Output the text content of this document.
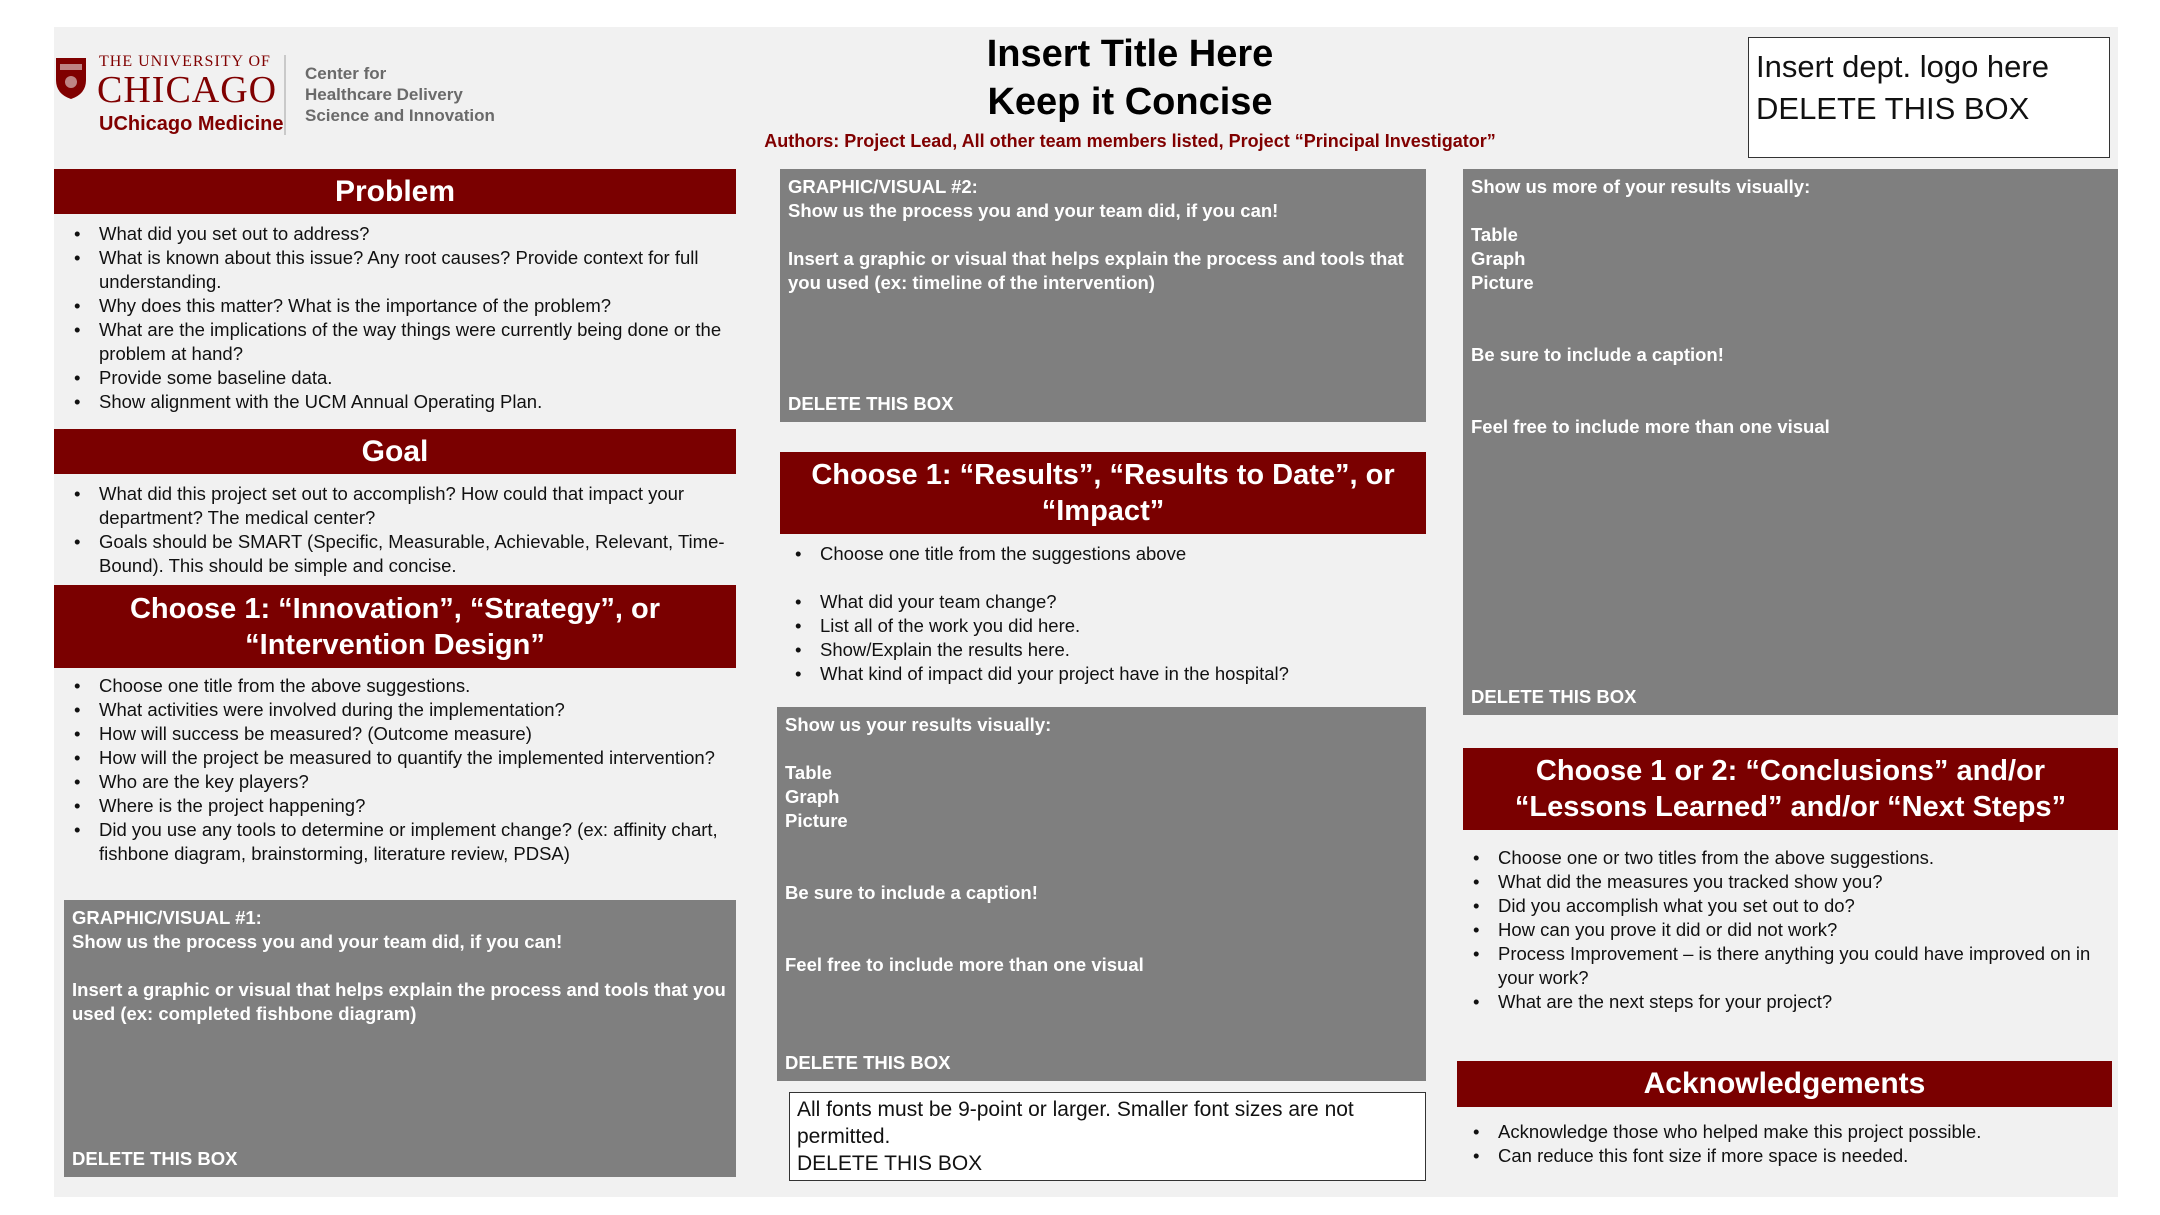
THE UNIVERSITY OF
CHICAGO
UChicago Medicine
Center for
Healthcare Delivery
Science and Innovation
Insert Title Here
Keep it Concise
Authors: Project Lead, All other team members listed, Project “Principal Investigator”
Insert dept. logo here
DELETE THIS BOX
Problem
• What did you set out to address?
• What is known about this issue? Any root causes? Provide context for full understanding.
• Why does this matter? What is the importance of the problem?
• What are the implications of the way things were currently being done or the problem at hand?
• Provide some baseline data.
• Show alignment with the UCM Annual Operating Plan.
Goal
• What did this project set out to accomplish? How could that impact your department? The medical center?
• Goals should be SMART (Specific, Measurable, Achievable, Relevant, Time-Bound). This should be simple and concise.
Choose 1: “Innovation”, “Strategy”, or
“Intervention Design”
• Choose one title from the above suggestions.
• What activities were involved during the implementation?
• How will success be measured? (Outcome measure)
• How will the project be measured to quantify the implemented intervention?
• Who are the key players?
• Where is the project happening?
• Did you use any tools to determine or implement change? (ex: affinity chart, fishbone diagram, brainstorming, literature review, PDSA)
GRAPHIC/VISUAL #1:
Show us the process you and your team did, if you can!
Insert a graphic or visual that helps explain the process and tools that you used (ex: completed fishbone diagram)
DELETE THIS BOX
GRAPHIC/VISUAL #2:
Show us the process you and your team did, if you can!
Insert a graphic or visual that helps explain the process and tools that you used (ex: timeline of the intervention)
DELETE THIS BOX
Choose 1: “Results”, “Results to Date”, or
“Impact”
• Choose one title from the suggestions above
• What did your team change?
• List all of the work you did here.
• Show/Explain the results here.
• What kind of impact did your project have in the hospital?
Show us your results visually:
Table
Graph
Picture
Be sure to include a caption!
Feel free to include more than one visual
DELETE THIS BOX
All fonts must be 9-point or larger. Smaller font sizes are not permitted.
DELETE THIS BOX
Show us more of your results visually:
Table
Graph
Picture
Be sure to include a caption!
Feel free to include more than one visual
DELETE THIS BOX
Choose 1 or 2: “Conclusions” and/or
“Lessons Learned” and/or “Next Steps”
• Choose one or two titles from the above suggestions.
• What did the measures you tracked show you?
• Did you accomplish what you set out to do?
• How can you prove it did or did not work?
• Process Improvement – is there anything you could have improved on in your work?
• What are the next steps for your project?
Acknowledgements
• Acknowledge those who helped make this project possible.
• Can reduce this font size if more space is needed.
